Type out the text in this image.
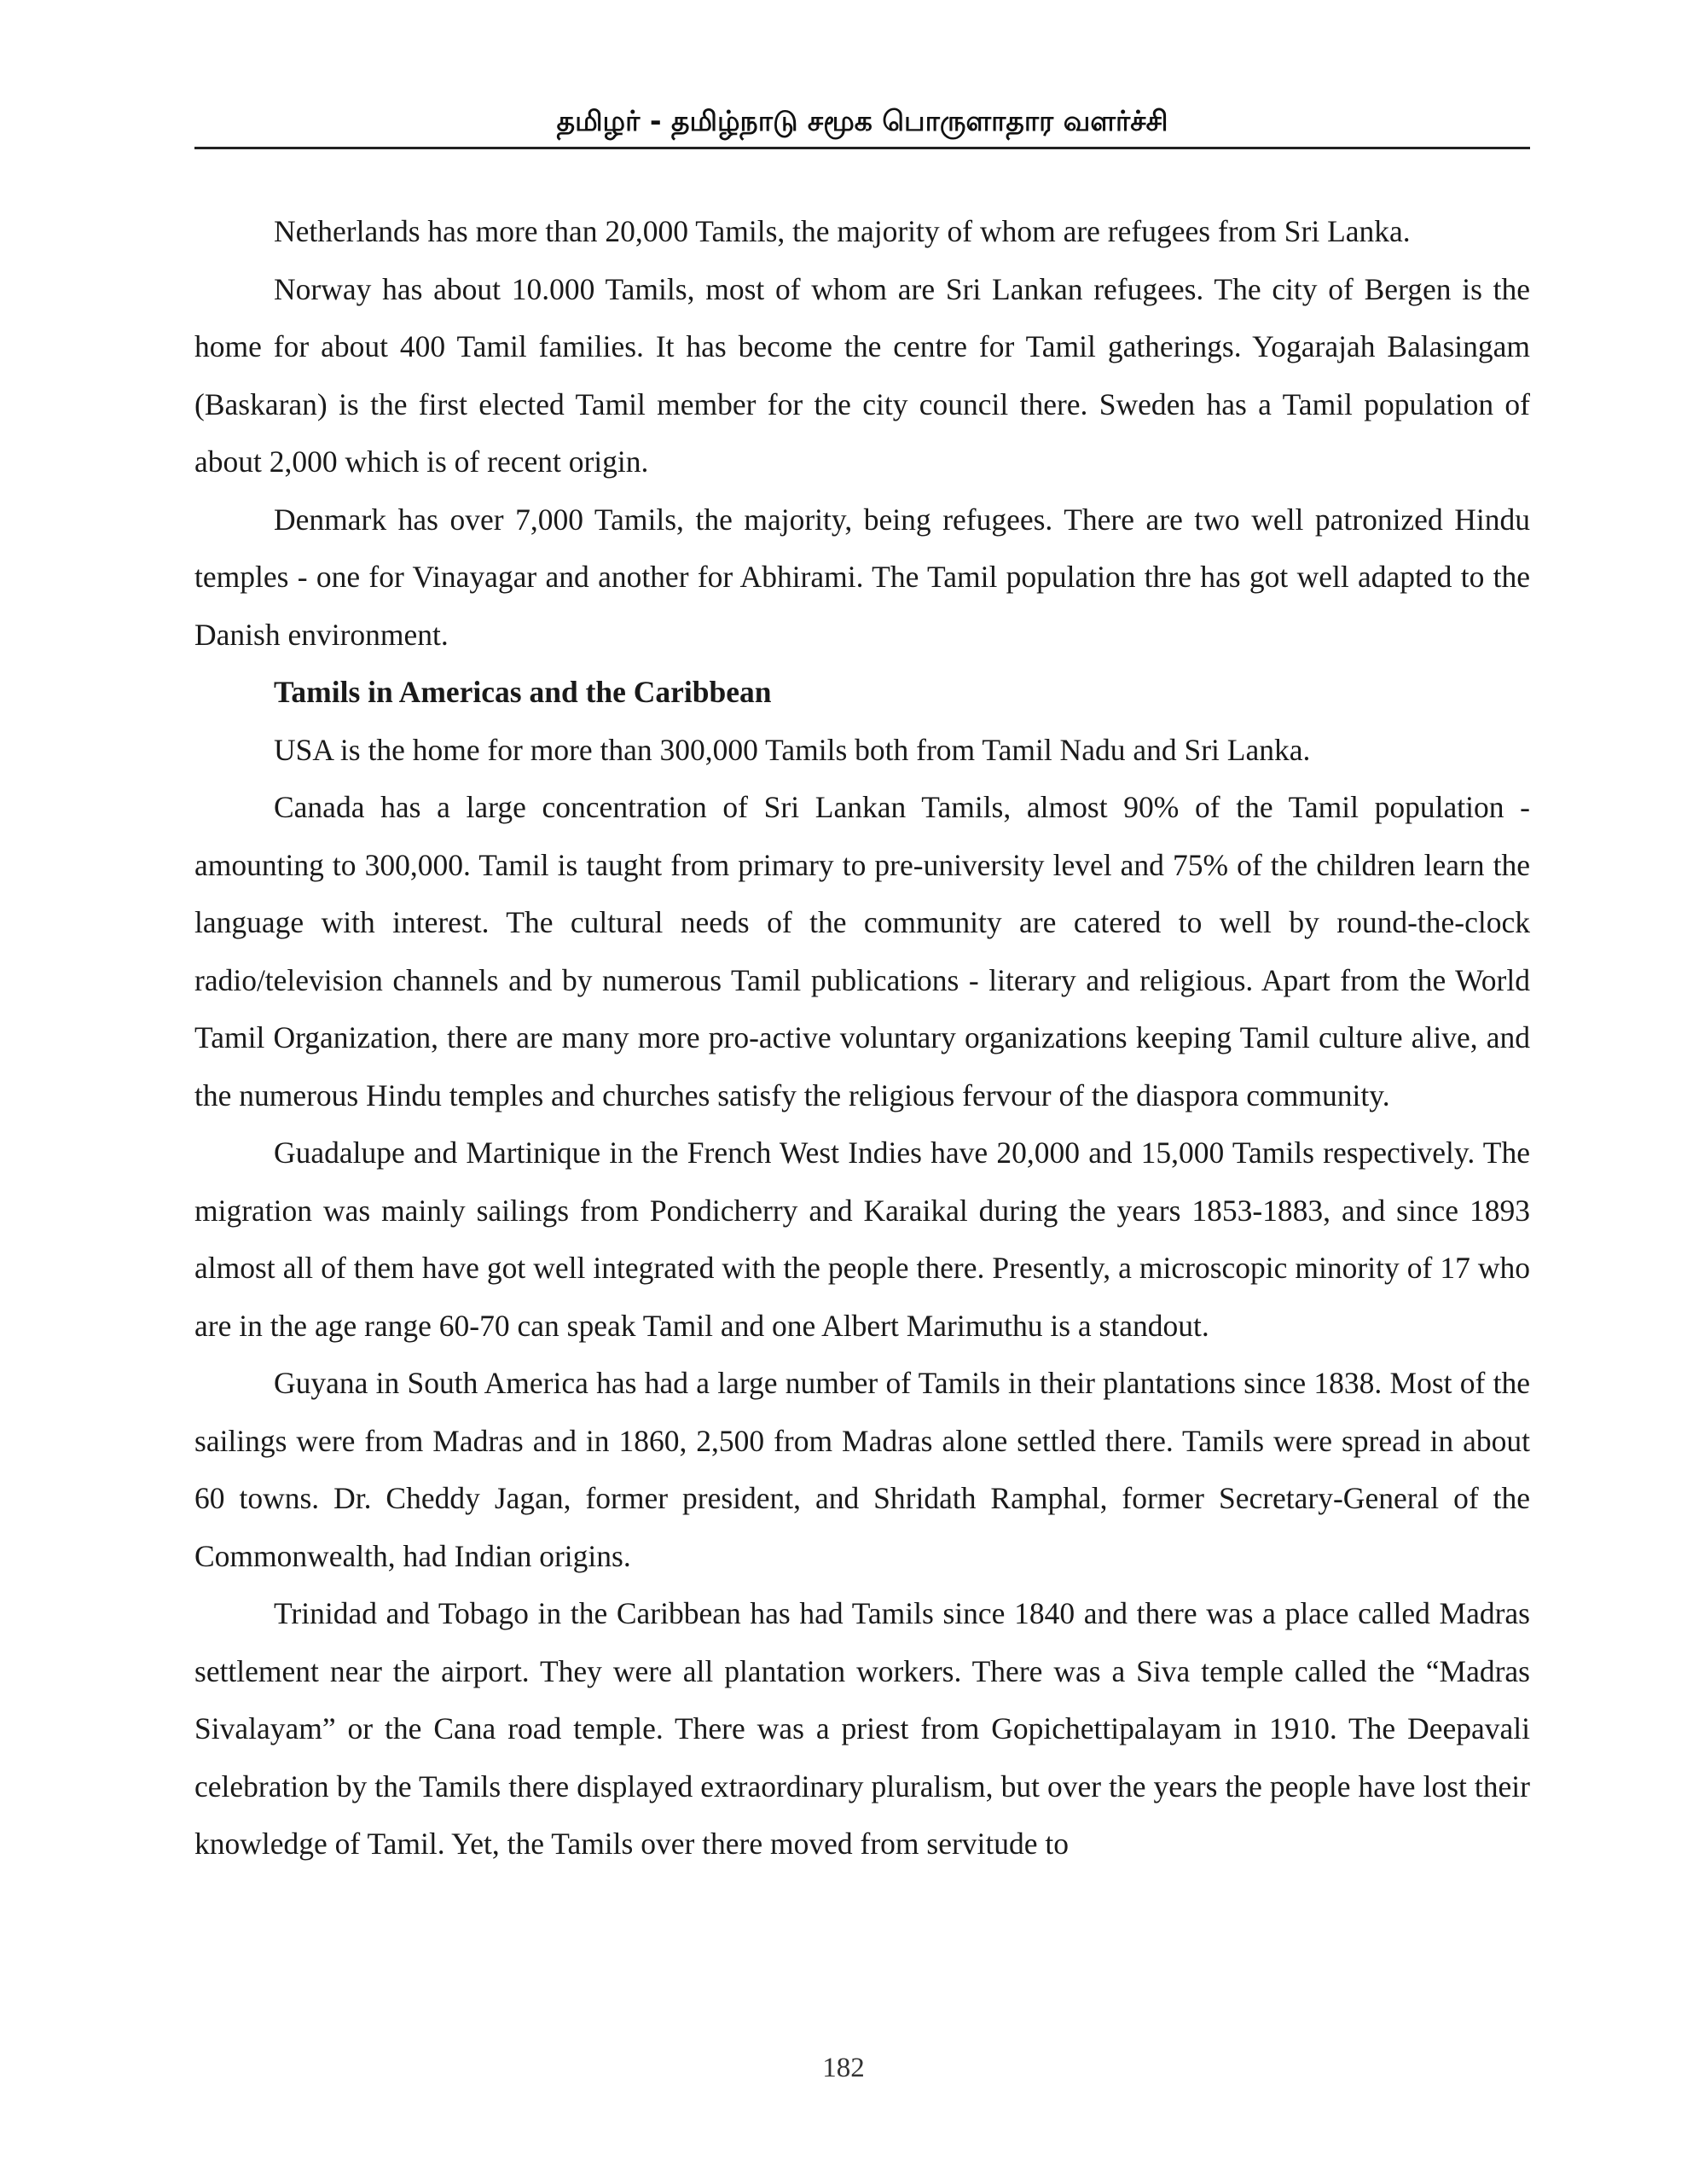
தமிழர் - தமிழ்நாடு சமூக பொருளாதார வளர்ச்சி

Netherlands has more than 20,000 Tamils, the majority of whom are refugees from Sri Lanka.

Norway has about 10.000 Tamils, most of whom are Sri Lankan refugees. The city of Bergen is the home for about 400 Tamil families. It has become the centre for Tamil gatherings. Yogarajah Balasingam (Baskaran) is the first elected Tamil member for the city council there. Sweden has a Tamil population of about 2,000 which is of recent origin.

Denmark has over 7,000 Tamils, the majority, being refugees. There are two well patronized Hindu temples - one for Vinayagar and another for Abhirami. The Tamil population thre has got well adapted to the Danish environment.

Tamils in Americas and the Caribbean

USA is the home for more than 300,000 Tamils both from Tamil Nadu and Sri Lanka.

Canada has a large concentration of Sri Lankan Tamils, almost 90% of the Tamil population - amounting to 300,000. Tamil is taught from primary to pre-university level and 75% of the children learn the language with interest. The cultural needs of the community are catered to well by round-the-clock radio/television channels and by numerous Tamil publications - literary and religious. Apart from the World Tamil Organization, there are many more pro-active voluntary organizations keeping Tamil culture alive, and the numerous Hindu temples and churches satisfy the religious fervour of the diaspora community.

Guadalupe and Martinique in the French West Indies have 20,000 and 15,000 Tamils respectively. The migration was mainly sailings from Pondicherry and Karaikal during the years 1853-1883, and since 1893 almost all of them have got well integrated with the people there. Presently, a microscopic minority of 17 who are in the age range 60-70 can speak Tamil and one Albert Marimuthu is a standout.

Guyana in South America has had a large number of Tamils in their plantations since 1838. Most of the sailings were from Madras and in 1860, 2,500 from Madras alone settled there. Tamils were spread in about 60 towns. Dr. Cheddy Jagan, former president, and Shridath Ramphal, former Secretary-General of the Commonwealth, had Indian origins.

Trinidad and Tobago in the Caribbean has had Tamils since 1840 and there was a place called Madras settlement near the airport. They were all plantation workers. There was a Siva temple called the “Madras Sivalayam” or the Cana road temple. There was a priest from Gopichettipalayam in 1910. The Deepavali celebration by the Tamils there displayed extraordinary pluralism, but over the years the people have lost their knowledge of Tamil. Yet, the Tamils over there moved from servitude to

182
